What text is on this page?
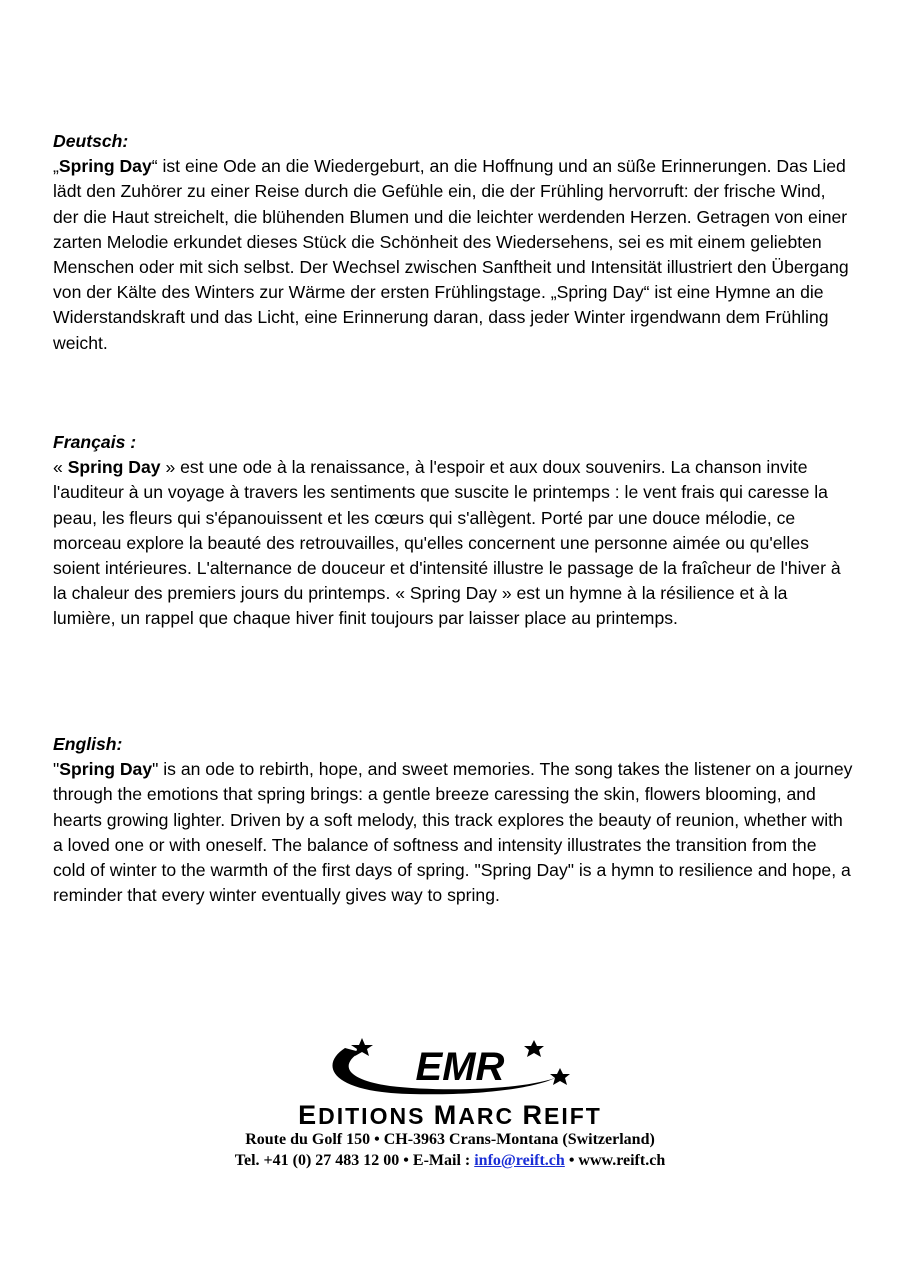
Deutsch:

„Spring Day“ ist eine Ode an die Wiedergeburt, an die Hoffnung und an süße Erinnerungen. Das Lied lädt den Zuhörer zu einer Reise durch die Gefühle ein, die der Frühling hervorruft: der frische Wind, der die Haut streichelt, die blühenden Blumen und die leichter werdenden Herzen. Getragen von einer zarten Melodie erkundet dieses Stück die Schönheit des Wiedersehens, sei es mit einem geliebten Menschen oder mit sich selbst. Der Wechsel zwischen Sanftheit und Intensität illustriert den Übergang von der Kälte des Winters zur Wärme der ersten Frühlingstage. „Spring Day“ ist eine Hymne an die Widerstandskraft und das Licht, eine Erinnerung daran, dass jeder Winter irgendwann dem Frühling weicht.

Français :

« Spring Day » est une ode à la renaissance, à l'espoir et aux doux souvenirs. La chanson invite l'auditeur à un voyage à travers les sentiments que suscite le printemps : le vent frais qui caresse la peau, les fleurs qui s'épanouissent et les cœurs qui s'allègent. Porté par une douce mélodie, ce morceau explore la beauté des retrouvailles, qu'elles concernent une personne aimée ou qu'elles soient intérieures. L'alternance de douceur et d'intensité illustre le passage de la fraîcheur de l'hiver à la chaleur des premiers jours du printemps. « Spring Day » est un hymne à la résilience et à la lumière, un rappel que chaque hiver finit toujours par laisser place au printemps.

English:

"Spring Day" is an ode to rebirth, hope, and sweet memories. The song takes the listener on a journey through the emotions that spring brings: a gentle breeze caressing the skin, flowers blooming, and hearts growing lighter. Driven by a soft melody, this track explores the beauty of reunion, whether with a loved one or with oneself. The balance of softness and intensity illustrates the transition from the cold of winter to the warmth of the first days of spring. "Spring Day" is a hymn to resilience and hope, a reminder that every winter eventually gives way to spring.

EMR
EDITIONS MARC REIFT
Route du Golf 150 • CH-3963 Crans-Montana (Switzerland)
Tel. +41 (0) 27 483 12 00 • E-Mail : info@reift.ch • www.reift.ch
